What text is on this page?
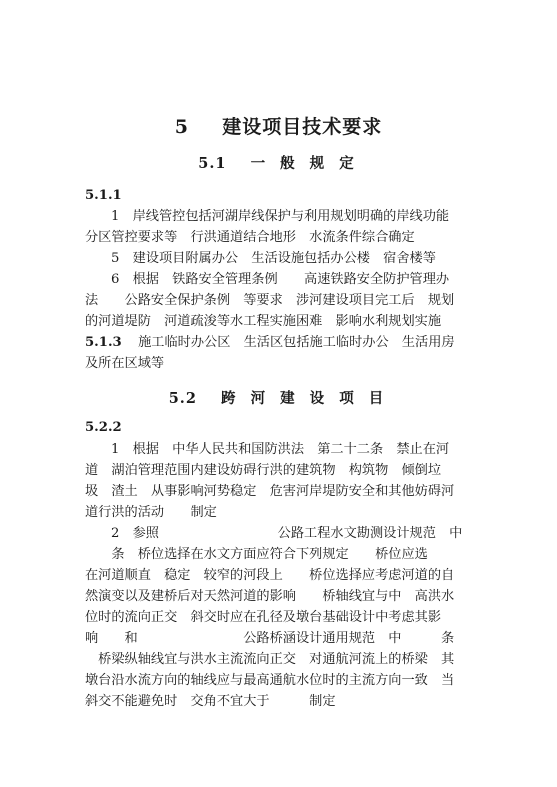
5 建设项目技术要求
5.1 一 般 规 定
5.1.1
1　岸线管控包括河湖岸线保护与利用规划明确的岸线功能
分区管控要求等　行洪通道结合地形　水流条件综合确定
5　建设项目附属办公　生活设施包括办公楼　宿舍楼等
6　根据　铁路安全管理条例　　高速铁路安全防护管理办
法　　公路安全保护条例　等要求　涉河建设项目完工后　规划
的河道堤防　河道疏浚等水工程实施困难　影响水利规划实施
5.1.3 施工临时办公区　生活区包括施工临时办公　生活用房
及所在区域等
5.2 跨 河 建 设 项 目
5.2.2
1　根据　中华人民共和国防洪法　第二十二条　禁止在河
道　湖泊管理范围内建设妨碍行洪的建筑物　构筑物　倾倒垃
圾　渣土　从事影响河势稳定　危害河岸堤防安全和其他妨碍河
道行洪的活动　　制定
2　参照　　　　　　　　　公路工程水文勘测设计规范　中
　　条　桥位选择在水文方面应符合下列规定　　桥位应选
在河道顺直　稳定　较窄的河段上　　桥位选择应考虑河道的自
然演变以及建桥后对天然河道的影响　　桥轴线宜与中　高洪水
位时的流向正交　斜交时应在孔径及墩台基础设计中考虑其影
响　　和　　　　　　　　公路桥涵设计通用规范　中　　　条
　桥梁纵轴线宜与洪水主流流向正交　对通航河流上的桥梁　其
墩台沿水流方向的轴线应与最高通航水位时的主流方向一致　当
斜交不能避免时　交角不宜大于　　　制定
